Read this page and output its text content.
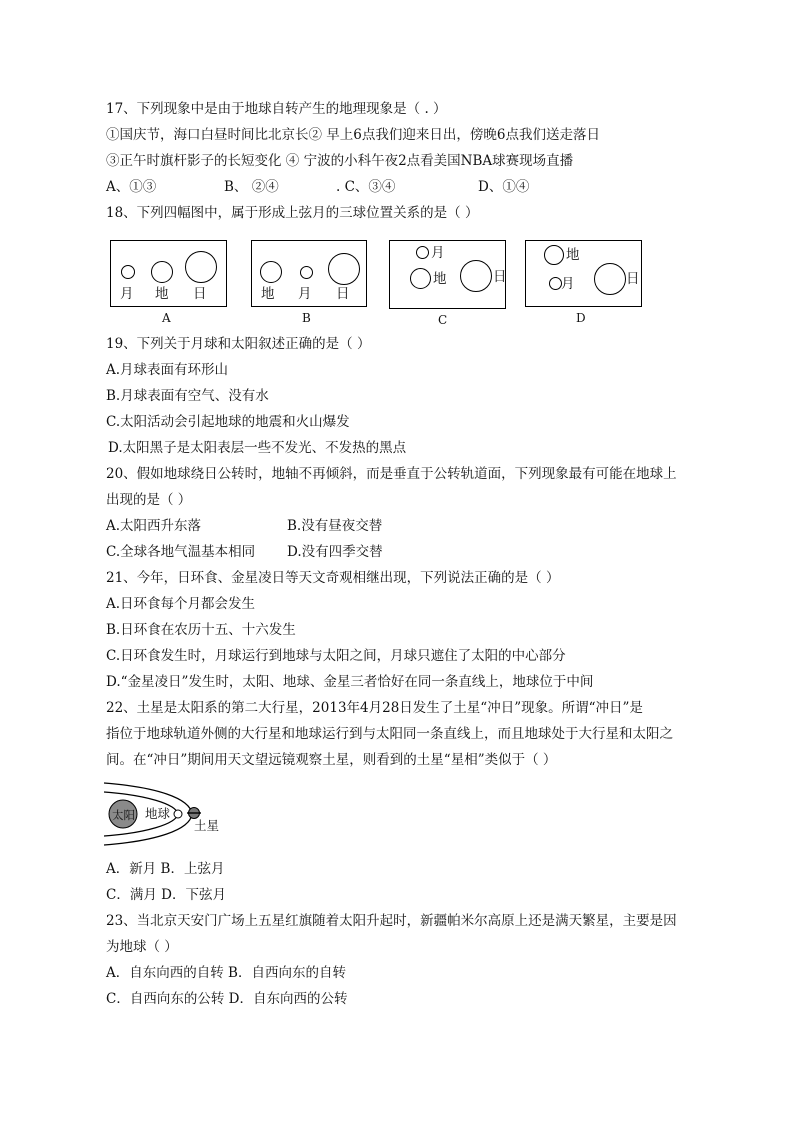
17、下列现象中是由于地球自转产生的地理现象是（ . ）
①国庆节，海口白昼时间比北京长② 早上6点我们迎来日出，傍晚6点我们送走落日
③正午时旗杆影子的长短变化 ④ 宁波的小科午夜2点看美国NBA球赛现场直播
A、①③	B、 ②④	. C、③④	D、①④
18、下列四幅图中，属于形成上弦月的三球位置关系的是（ ）
月 地 日
A
地 月 日
B
月
地	日
C
地
月	日
D
19、下列关于月球和太阳叙述正确的是（ ）
A.月球表面有环形山
B.月球表面有空气、没有水
C.太阳活动会引起地球的地震和火山爆发
D.太阳黑子是太阳表层一些不发光、不发热的黑点
20、假如地球绕日公转时，地轴不再倾斜，而是垂直于公转轨道面，下列现象最有可能在地球上
出现的是（ ）
A.太阳西升东落	B.没有昼夜交替
C.全球各地气温基本相同 D.没有四季交替
21、今年，日环食、金星凌日等天文奇观相继出现，下列说法正确的是（ ）
A.日环食每个月都会发生
B.日环食在农历十五、十六发生
C.日环食发生时，月球运行到地球与太阳之间，月球只遮住了太阳的中心部分
D.“金星凌日”发生时，太阳、地球、金星三者恰好在同一条直线上，地球位于中间
22、土星是太阳系的第二大行星，2013年4月28日发生了土星“冲日”现象。所谓“冲日”是
指位于地球轨道外侧的大行星和地球运行到与太阳同一条直线上，而且地球处于大行星和太阳之
间。在“冲日”期间用天文望远镜观察土星，则看到的土星“星相”类似于（ ）
太阳 地球
土星
A．新月 B．上弦月
C．满月 D．下弦月
23、当北京天安门广场上五星红旗随着太阳升起时，新疆帕米尔高原上还是满天繁星，主要是因
为地球（ ）
A．自东向西的自转 B．自西向东的自转
C．自西向东的公转 D．自东向西的公转
